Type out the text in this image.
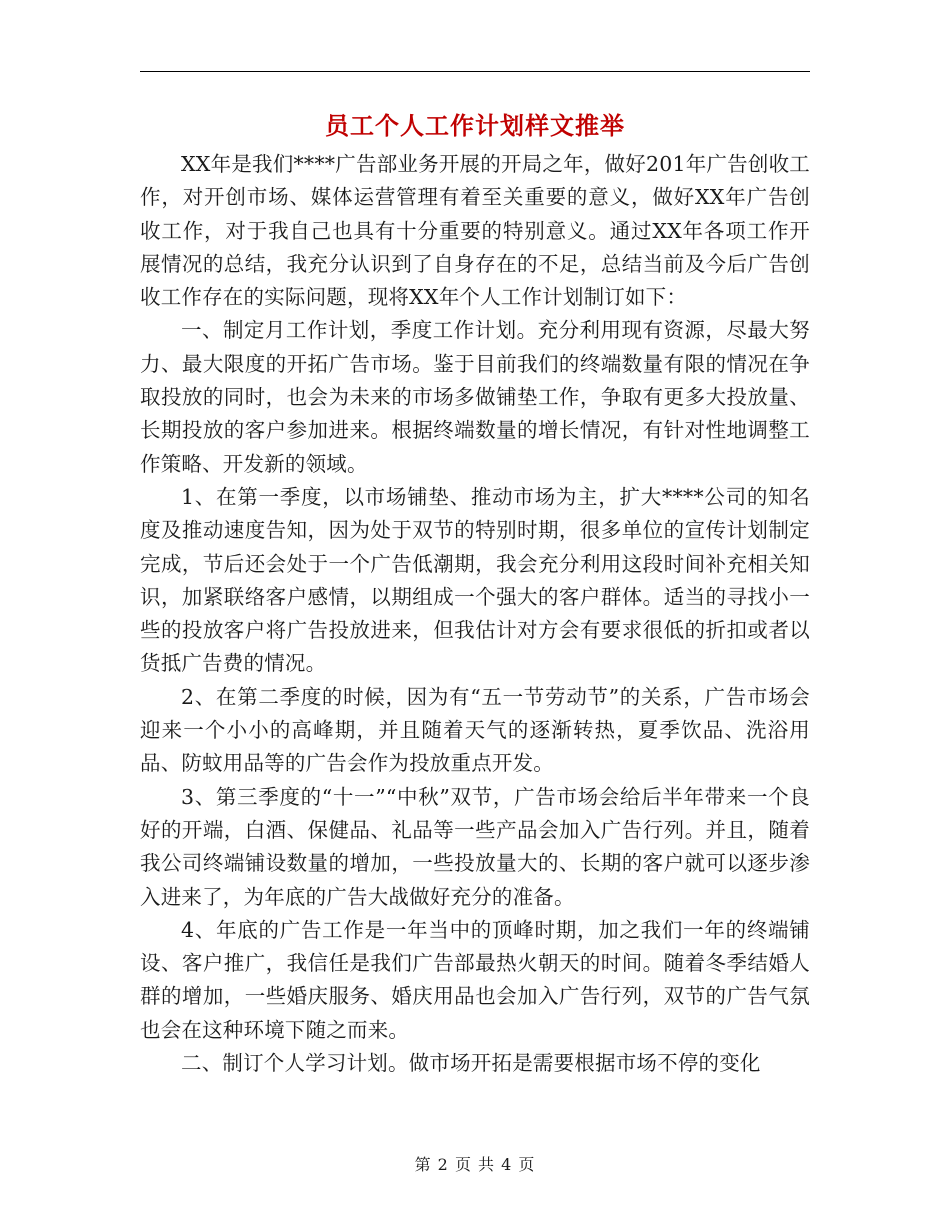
员工个人工作计划样文推举

XX年是我们****广告部业务开展的开局之年，做好201年广告创收工作，对开创市场、媒体运营管理有着至关重要的意义，做好XX年广告创收工作，对于我自己也具有十分重要的特别意义。通过XX年各项工作开展情况的总结，我充分认识到了自身存在的不足，总结当前及今后广告创收工作存在的实际问题，现将XX年个人工作计划制订如下：

一、制定月工作计划，季度工作计划。充分利用现有资源，尽最大努力、最大限度的开拓广告市场。鉴于目前我们的终端数量有限的情况在争取投放的同时，也会为未来的市场多做铺垫工作，争取有更多大投放量、长期投放的客户参加进来。根据终端数量的增长情况，有针对性地调整工作策略、开发新的领域。

1、在第一季度，以市场铺垫、推动市场为主，扩大****公司的知名度及推动速度告知，因为处于双节的特别时期，很多单位的宣传计划制定完成，节后还会处于一个广告低潮期，我会充分利用这段时间补充相关知识，加紧联络客户感情，以期组成一个强大的客户群体。适当的寻找小一些的投放客户将广告投放进来，但我估计对方会有要求很低的折扣或者以货抵广告费的情况。

2、在第二季度的时候，因为有“五一节劳动节”的关系，广告市场会迎来一个小小的高峰期，并且随着天气的逐渐转热，夏季饮品、洗浴用品、防蚊用品等的广告会作为投放重点开发。

3、第三季度的“十一”“中秋”双节，广告市场会给后半年带来一个良好的开端，白酒、保健品、礼品等一些产品会加入广告行列。并且，随着我公司终端铺设数量的增加，一些投放量大的、长期的客户就可以逐步渗入进来了，为年底的广告大战做好充分的准备。

4、年底的广告工作是一年当中的顶峰时期，加之我们一年的终端铺设、客户推广，我信任是我们广告部最热火朝天的时间。随着冬季结婚人群的增加，一些婚庆服务、婚庆用品也会加入广告行列，双节的广告气氛也会在这种环境下随之而来。

二、制订个人学习计划。做市场开拓是需要根据市场不停的变化

第 2 页 共 4 页
